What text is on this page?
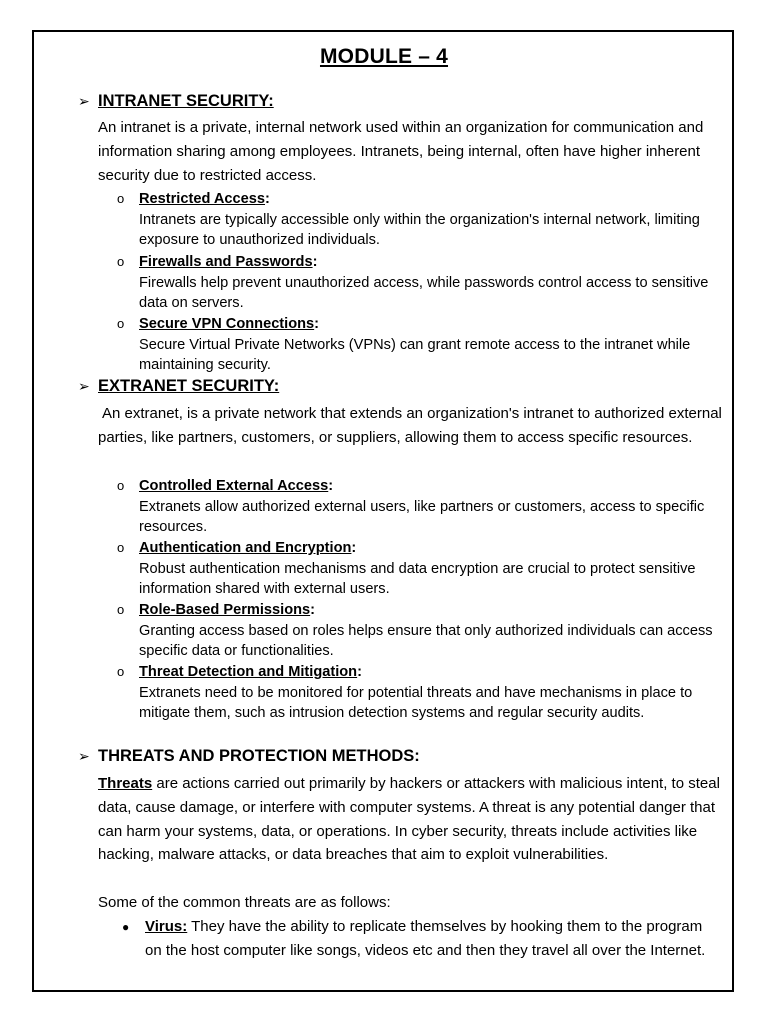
MODULE – 4
➢ INTRANET SECURITY:
An intranet is a private, internal network used within an organization for communication and information sharing among employees. Intranets, being internal, often have higher inherent security due to restricted access.
o Restricted Access:
Intranets are typically accessible only within the organization's internal network, limiting exposure to unauthorized individuals.
o Firewalls and Passwords:
Firewalls help prevent unauthorized access, while passwords control access to sensitive data on servers.
o Secure VPN Connections:
Secure Virtual Private Networks (VPNs) can grant remote access to the intranet while maintaining security.
➢ EXTRANET SECURITY:
An extranet, is a private network that extends an organization's intranet to authorized external parties, like partners, customers, or suppliers, allowing them to access specific resources.
o Controlled External Access:
Extranets allow authorized external users, like partners or customers, access to specific resources.
o Authentication and Encryption:
Robust authentication mechanisms and data encryption are crucial to protect sensitive information shared with external users.
o Role-Based Permissions:
Granting access based on roles helps ensure that only authorized individuals can access specific data or functionalities.
o Threat Detection and Mitigation:
Extranets need to be monitored for potential threats and have mechanisms in place to mitigate them, such as intrusion detection systems and regular security audits.
➢ THREATS AND PROTECTION METHODS:
Threats are actions carried out primarily by hackers or attackers with malicious intent, to steal data, cause damage, or interfere with computer systems. A threat is any potential danger that can harm your systems, data, or operations. In cyber security, threats include activities like hacking, malware attacks, or data breaches that aim to exploit vulnerabilities.
Some of the common threats are as follows:
● Virus: They have the ability to replicate themselves by hooking them to the program on the host computer like songs, videos etc and then they travel all over the Internet.
